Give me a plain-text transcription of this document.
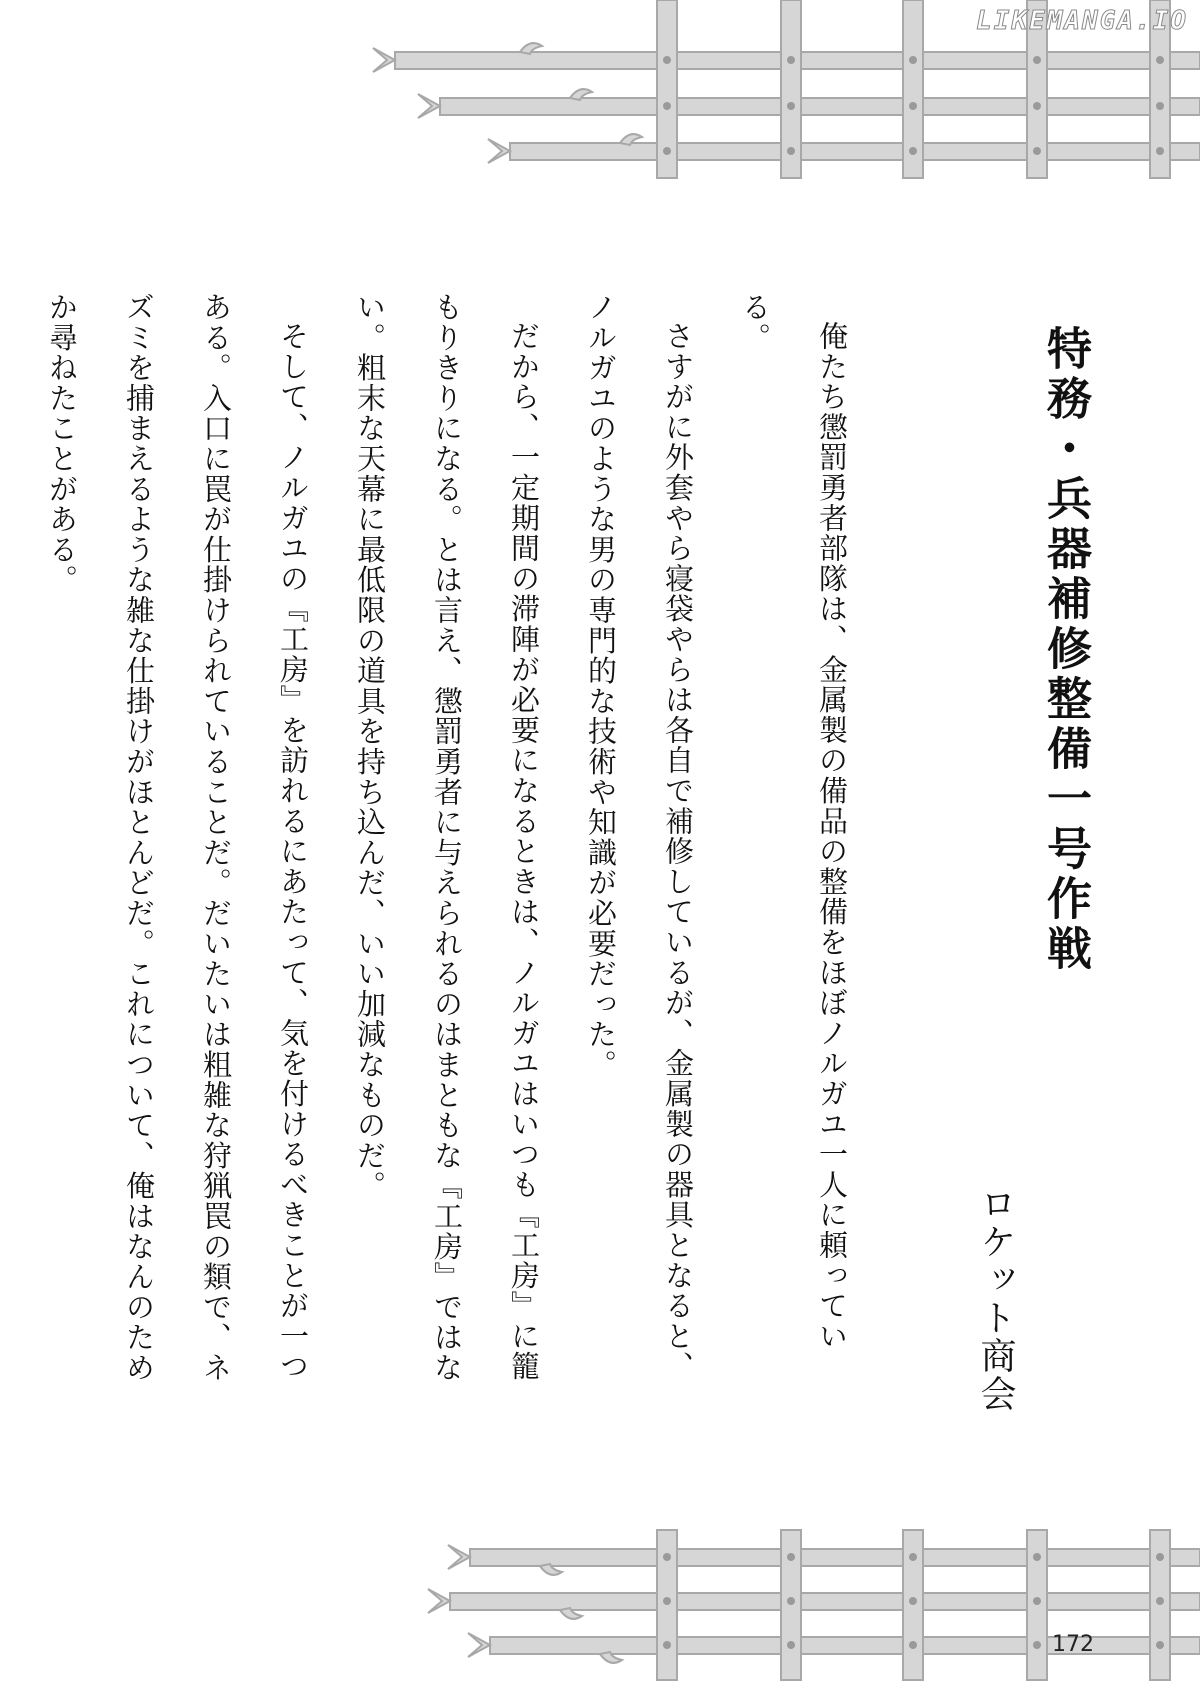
LIKEMANGA.IO
特務・兵器補修整備一号作戦
ロケット商会

俺たち懲罰勇者部隊は、金属製の備品の整備をほぼノルガユ一人に頼っている。

さすがに外套やら寝袋やらは各自で補修しているが、金属製の器具となると、ノルガユのような男の専門的な技術や知識が必要だった。

だから、一定期間の滞陣が必要になるときは、ノルガユはいつも『工房』に籠もりきりになる。とは言え、懲罰勇者に与えられるのはまともな『工房』ではない。粗末な天幕に最低限の道具を持ち込んだ、いい加減なものだ。

そして、ノルガユの『工房』を訪れるにあたって、気を付けるべきことが一つある。入口に罠が仕掛けられていることだ。だいたいは粗雑な狩猟罠の類で、ネズミを捕まえるような雑な仕掛けがほとんどだ。これについて、俺はなんのためか尋ねたことがある。

172
